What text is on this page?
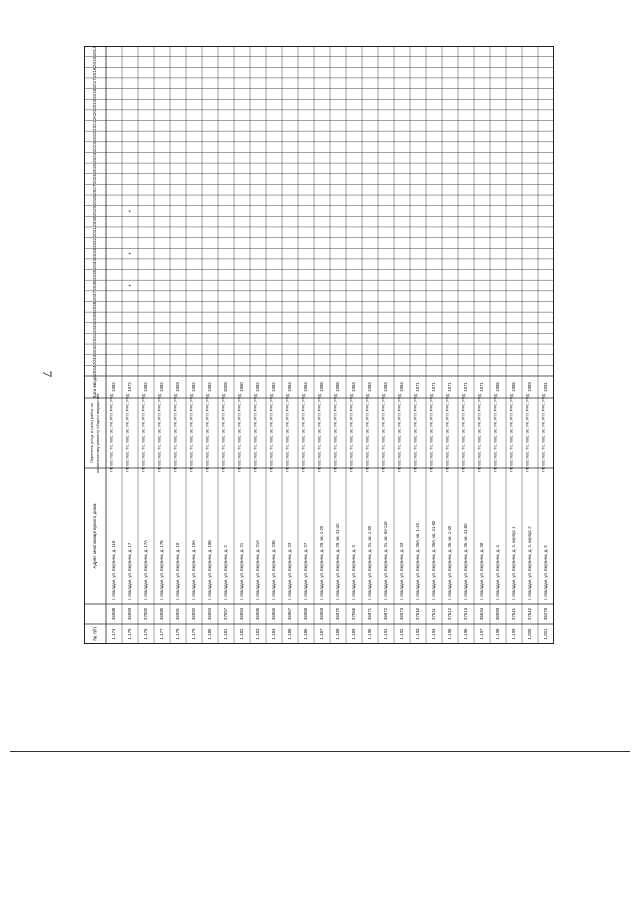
7
№ п/п
Адрес многоквартирного дома
Перечень услуг и (или) работ по капитальному ремонту общего имущества
Дата ввода
2014
2015
2016
2017
2018
2019
2020
2021
2022
2023
2024
2025
2026
2027
2028
2029
2030
2031
2032
2033
2034
2035
2036
2037
2038
2039
2040
2041
2042
2043
2044
1.174
36998
г. Магадан, ул. Берзина, д. 11Б
ПР, ВО, ГВС, ТС, ХВС, ЭС, РК, РПУ, РФС, РФД
1982
1.175
36999
г. Магадан, ул. Берзина, д. 17
ПР, ВО, ГВС, ТС, ХВС, ЭС, РК, РПУ, РФС, РФД
1972
+
+
+
1.176
37000
г. Магадан, ул. Берзина, д. 17А
ПР, ВО, ГВС, ТС, ХВС, ЭС, РК, РПУ, РФС, РФД
1982
1.177
36990
г. Магадан, ул. Берзина, д. 17Б
ПР, ВО, ГВС, ТС, ХВС, ЭС, РК, РПУ, РФС, РФД
1982
1.178
36991
г. Магадан, ул. Берзина, д. 19
ПР, ВО, ГВС, ТС, ХВС, ЭС, РК, РПУ, РФС, РФД
1969
1.179
36992
г. Магадан, ул. Берзина, д. 19А
ПР, ВО, ГВС, ТС, ХВС, ЭС, РК, РПУ, РФС, РФД
1982
1.180
36993
г. Магадан, ул. Берзина, д. 19Б
ПР, ВО, ГВС, ТС, ХВС, ЭС, РК, РПУ, РФС, РФД
1982
1.181
37057
г. Магадан, ул. Берзина, д. 2
ПР, ВО, ГВС, ТС, ХВС, ЭС, РК, РПУ, РФС, РФД
2008
1.182
36994
г. Магадан, ул. Берзина, д. 21
ПР, ВО, ГВС, ТС, ХВС, ЭС, РК, РПУ, РФС, РФД
1960
1.183
36995
г. Магадан, ул. Берзина, д. 21А
ПР, ВО, ГВС, ТС, ХВС, ЭС, РК, РПУ, РФС, РФД
1982
1.184
36966
г. Магадан, ул. Берзина, д. 23Б
ПР, ВО, ГВС, ТС, ХВС, ЭС, РК, РПУ, РФС, РФД
1982
1.185
36967
г. Магадан, ул. Берзина, д. 23
ПР, ВО, ГВС, ТС, ХВС, ЭС, РК, РПУ, РФС, РФД
1984
1.186
36968
г. Магадан, ул. Берзина, д. 27
ПР, ВО, ГВС, ТС, ХВС, ЭС, РК, РПУ, РФС, РФД
1984
1.187
36969
г. Магадан, ул. Берзина, д. 29, кв. 1-20
ПР, ВО, ГВС, ТС, ХВС, ЭС, РК, РПУ, РФС, РФД
1988
1.188
36970
г. Магадан, ул. Берзина, д. 29, кв. 21-40
ПР, ВО, ГВС, ТС, ХВС, ЭС, РК, РПУ, РФС, РФД
1988
1.189
37066
г. Магадан, ул. Берзина, д. 3
ПР, ВО, ГВС, ТС, ХВС, ЭС, РК, РПУ, РФС, РФД
1953
1.190
36971
г. Магадан, ул. Берзина, д. 31, кв. 1-50
ПР, ВО, ГВС, ТС, ХВС, ЭС, РК, РПУ, РФС, РФД
1983
1.191
36972
г. Магадан, ул. Берзина, д. 31, кв. 60-118
ПР, ВО, ГВС, ТС, ХВС, ЭС, РК, РПУ, РФС, РФД
1983
1.192
36973
г. Магадан, ул. Берзина, д. 33
ПР, ВО, ГВС, ТС, ХВС, ЭС, РК, РПУ, РФС, РФД
1984
1.193
37610
г. Магадан, ул. Берзина, д. 35А, кв. 1-40
ПР, ВО, ГВС, ТС, ХВС, ЭС, РК, РПУ, РФС, РФД
1971
1.194
37611
г. Магадан, ул. Берзина, д. 35А, кв. 41-80
ПР, ВО, ГВС, ТС, ХВС, ЭС, РК, РПУ, РФС, РФД
1971
1.195
37612
г. Магадан, ул. Берзина, д. 36, кв. 1-40
ПР, ВО, ГВС, ТС, ХВС, ЭС, РК, РПУ, РФС, РФД
1971
1.196
37613
г. Магадан, ул. Берзина, д. 36, кв. 41-80
ПР, ВО, ГВС, ТС, ХВС, ЭС, РК, РПУ, РФС, РФД
1971
1.197
35634
г. Магадан, ул. Берзина, д. 38
ПР, ВО, ГВС, ТС, ХВС, ЭС, РК, РПУ, РФС, РФД
1971
1.198
38999
г. Магадан, ул. Берзина, д. 4
ПР, ВО, ГВС, ТС, ХВС, ЭС, РК, РПУ, РФС, РФД
1985
1.199
37641
г. Магадан, ул. Берзина, д. 4, корпус 1
ПР, ВО, ГВС, ТС, ХВС, ЭС, РК, РПУ, РФС, РФД
1985
1.200
37642
г. Магадан, ул. Берзина, д. 4, корпус 2
ПР, ВО, ГВС, ТС, ХВС, ЭС, РК, РПУ, РФС, РФД
1989
1.201
35278
г. Магадан, ул. Берзина, д. 5
ПР, ВО, ГВС, ТС, ХВС, ЭС, РК, РПУ, РФС, РФД
1991
